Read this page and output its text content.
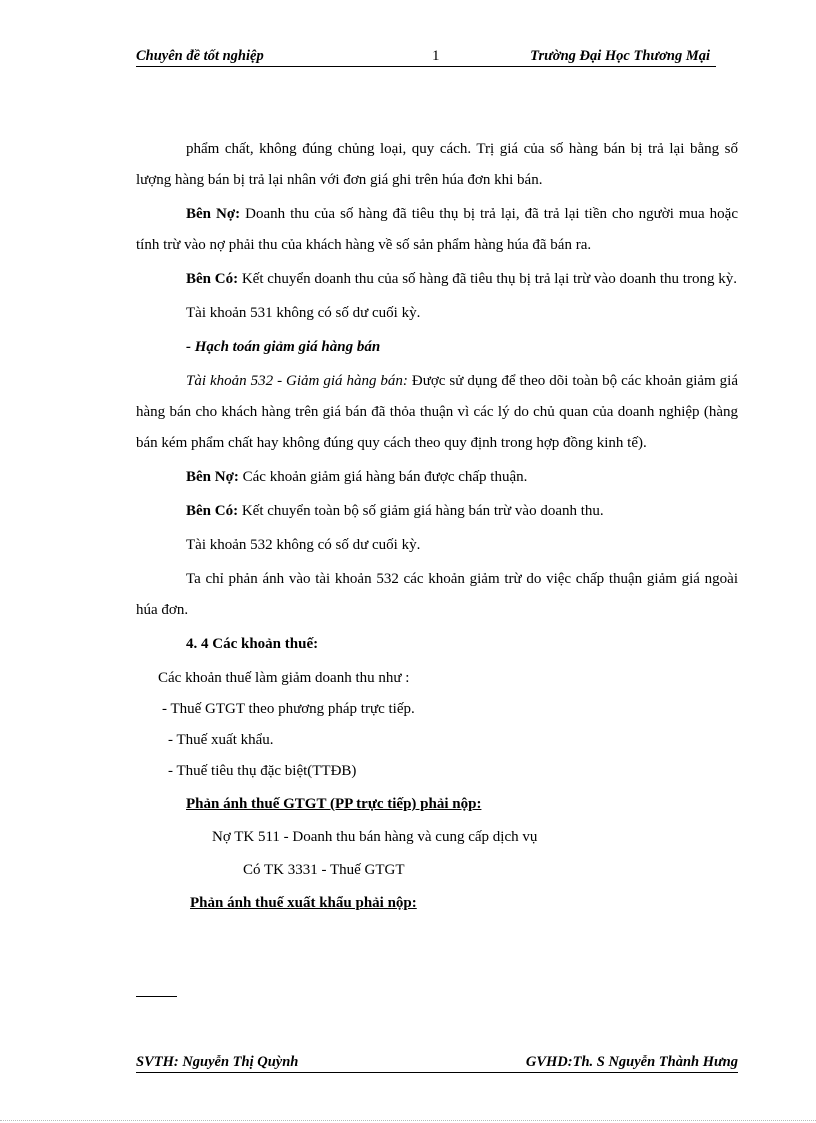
Chuyên đề tốt nghiệp	1	Trường Đại Học Thương Mại

phẩm chất, không đúng chủng loại, quy cách. Trị giá của số hàng bán bị trả lại bằng số lượng hàng bán bị trả lại nhân với đơn giá ghi trên húa đơn khi bán.

Bên Nợ: Doanh thu của số hàng đã tiêu thụ bị trả lại, đã trả lại tiền cho người mua hoặc tính trừ vào nợ phải thu của khách hàng về số sản phẩm hàng húa đã bán ra.

Bên Có: Kết chuyển doanh thu của số hàng đã tiêu thụ bị trả lại trừ vào doanh thu trong kỳ.

Tài khoản 531 không có số dư cuối kỳ.

- Hạch toán giảm giá hàng bán

Tài khoản 532 - Giảm giá hàng bán: Được sử dụng để theo dõi toàn bộ các khoản giảm giá hàng bán cho khách hàng trên giá bán đã thỏa thuận vì các lý do chủ quan của doanh nghiệp (hàng bán kém phẩm chất hay không đúng quy cách theo quy định trong hợp đồng kinh tế).

Bên Nợ: Các khoản giảm giá hàng bán được chấp thuận.

Bên Có: Kết chuyển toàn bộ số giảm giá hàng bán trừ vào doanh thu.

Tài khoản 532 không có số dư cuối kỳ.

Ta chỉ phản ánh vào tài khoản 532 các khoản giảm trừ do việc chấp thuận giảm giá ngoài húa đơn.

4. 4 Các khoản thuế:

Các khoản thuế làm giảm doanh thu như :

- Thuế GTGT theo phương pháp trực tiếp.

- Thuế xuất khẩu.

- Thuế tiêu thụ đặc biệt(TTĐB)

Phản ánh thuế GTGT (PP trực tiếp) phải nộp:

Nợ TK 511 - Doanh thu bán hàng và cung cấp dịch vụ

Có TK 3331 - Thuế GTGT

Phản ánh thuế xuất khẩu phải nộp:

SVTH: Nguyễn Thị Quỳnh	GVHD:Th. S Nguyễn Thành Hưng
